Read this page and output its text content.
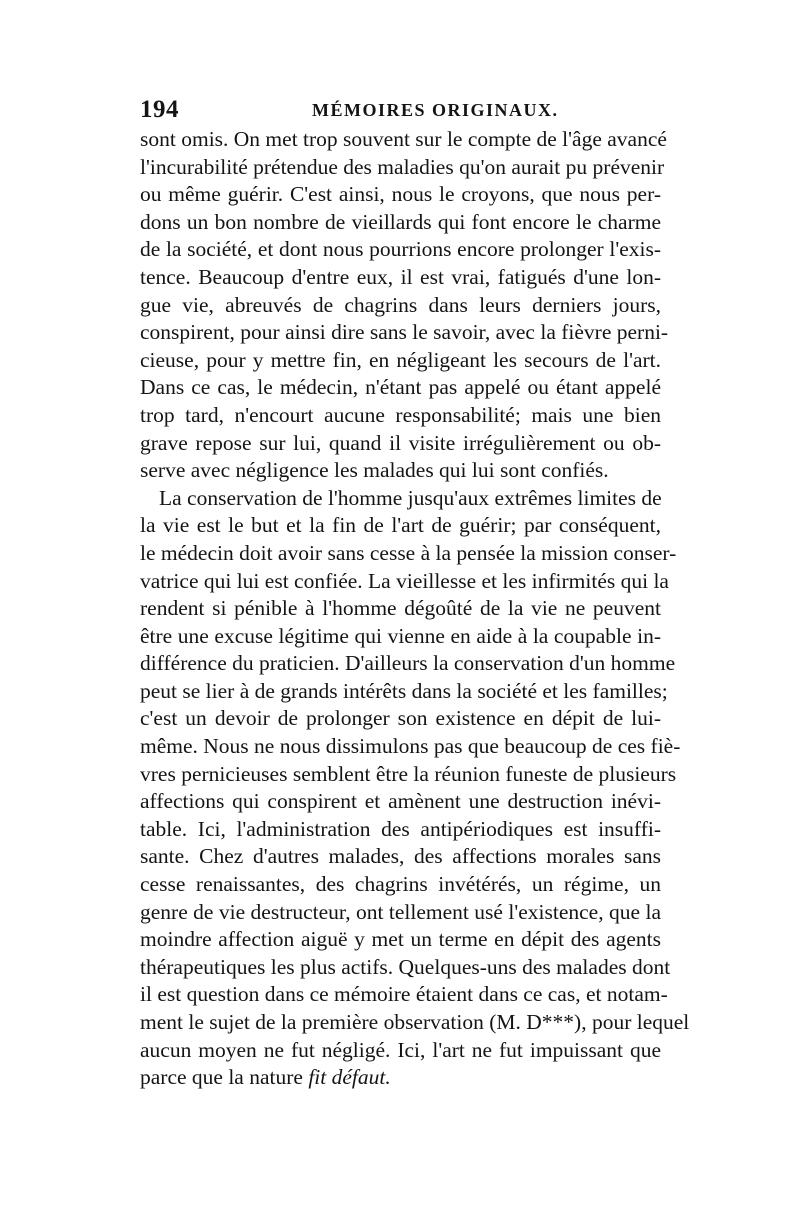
194	MÉMOIRES ORIGINAUX.
sont omis. On met trop souvent sur le compte de l'âge avancé
l'incurabilité prétendue des maladies qu'on aurait pu prévenir
ou même guérir. C'est ainsi, nous le croyons, que nous per-
dons un bon nombre de vieillards qui font encore le charme
de la société, et dont nous pourrions encore prolonger l'exis-
tence. Beaucoup d'entre eux, il est vrai, fatigués d'une lon-
gue vie, abreuvés de chagrins dans leurs derniers jours,
conspirent, pour ainsi dire sans le savoir, avec la fièvre perni-
cieuse, pour y mettre fin, en négligeant les secours de l'art.
Dans ce cas, le médecin, n'étant pas appelé ou étant appelé
trop tard, n'encourt aucune responsabilité; mais une bien
grave repose sur lui, quand il visite irrégulièrement ou ob-
serve avec négligence les malades qui lui sont confiés.
La conservation de l'homme jusqu'aux extrêmes limites de
la vie est le but et la fin de l'art de guérir; par conséquent,
le médecin doit avoir sans cesse à la pensée la mission conser-
vatrice qui lui est confiée. La vieillesse et les infirmités qui la
rendent si pénible à l'homme dégoûté de la vie ne peuvent
être une excuse légitime qui vienne en aide à la coupable in-
différence du praticien. D'ailleurs la conservation d'un homme
peut se lier à de grands intérêts dans la société et les familles;
c'est un devoir de prolonger son existence en dépit de lui-
même. Nous ne nous dissimulons pas que beaucoup de ces fiè-
vres pernicieuses semblent être la réunion funeste de plusieurs
affections qui conspirent et amènent une destruction inévi-
table. Ici, l'administration des antipériodiques est insuffi-
sante. Chez d'autres malades, des affections morales sans
cesse renaissantes, des chagrins invétérés, un régime, un
genre de vie destructeur, ont tellement usé l'existence, que la
moindre affection aiguë y met un terme en dépit des agents
thérapeutiques les plus actifs. Quelques-uns des malades dont
il est question dans ce mémoire étaient dans ce cas, et notam-
ment le sujet de la première observation (M. D***), pour lequel
aucun moyen ne fut négligé. Ici, l'art ne fut impuissant que
parce que la nature fit défaut.
